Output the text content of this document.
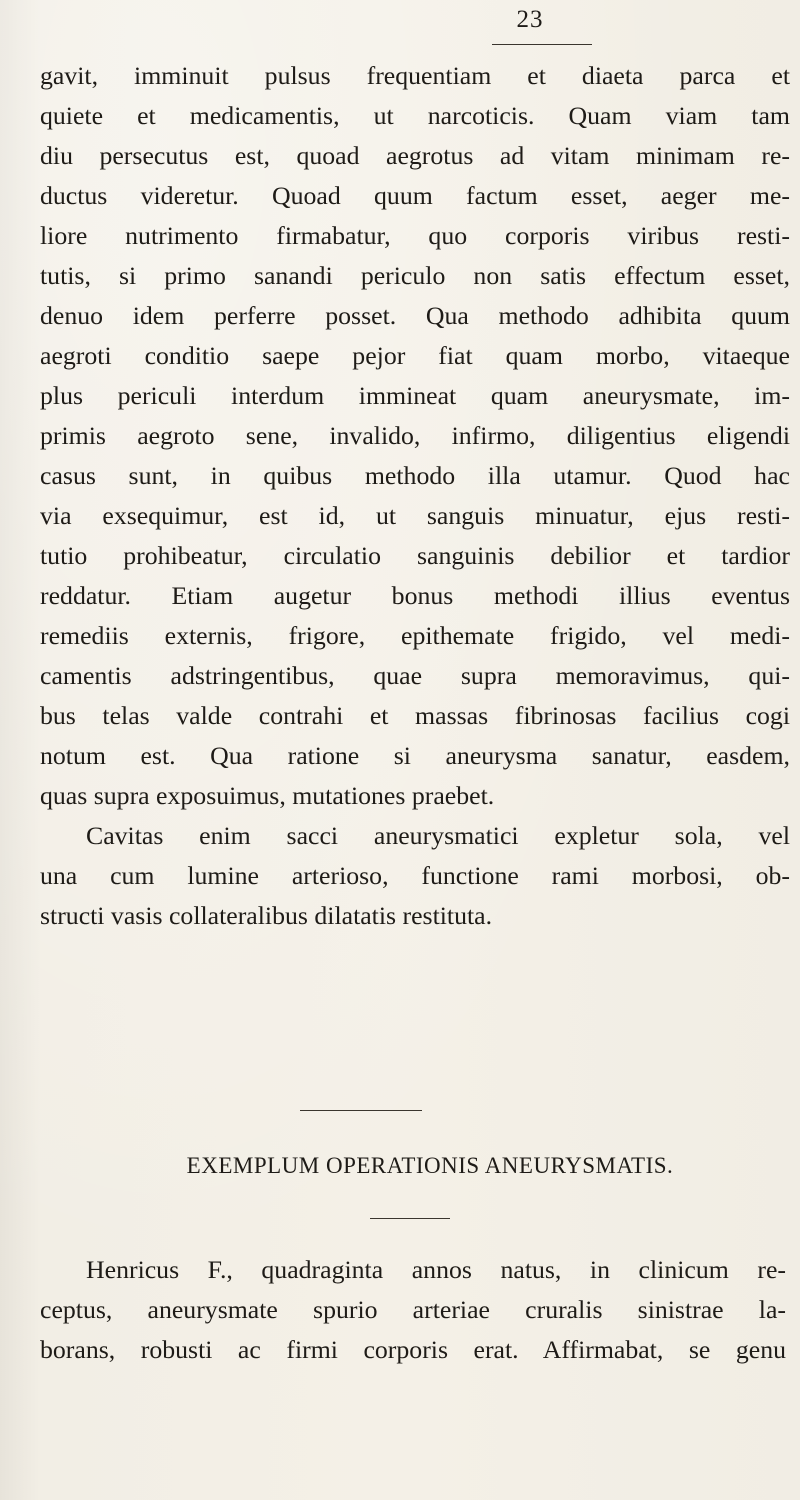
23
gavit, imminuit pulsus frequentiam et diaeta parca et
quiete et medicamentis, ut narcoticis. Quam viam tam
diu persecutus est, quoad aegrotus ad vitam minimam re-
ductus videretur. Quoad quum factum esset, aeger me-
liore nutrimento firmabatur, quo corporis viribus resti-
tutis, si primo sanandi periculo non satis effectum esset,
denuo idem perferre posset. Qua methodo adhibita quum
aegroti conditio saepe pejor fiat quam morbo, vitaeque
plus periculi interdum immineat quam aneurysmate, im-
primis aegroto sene, invalido, infirmo, diligentius eligendi
casus sunt, in quibus methodo illa utamur. Quod hac
via exsequimur, est id, ut sanguis minuatur, ejus resti-
tutio prohibeatur, circulatio sanguinis debilior et tardior
reddatur. Etiam augetur bonus methodi illius eventus
remediis externis, frigore, epithemate frigido, vel medi-
camentis adstringentibus, quae supra memoravimus, qui-
bus telas valde contrahi et massas fibrinosas facilius cogi
notum est. Qua ratione si aneurysma sanatur, easdem,
quas supra exposuimus, mutationes praebet.
Cavitas enim sacci aneurysmatici expletur sola, vel
una cum lumine arterioso, functione rami morbosi, ob-
structi vasis collateralibus dilatatis restituta.
EXEMPLUM OPERATIONIS ANEURYSMATIS.
Henricus F., quadraginta annos natus, in clinicum re-
ceptus, aneurysmate spurio arteriae cruralis sinistrae la-
borans, robusti ac firmi corporis erat. Affirmabat, se genu
